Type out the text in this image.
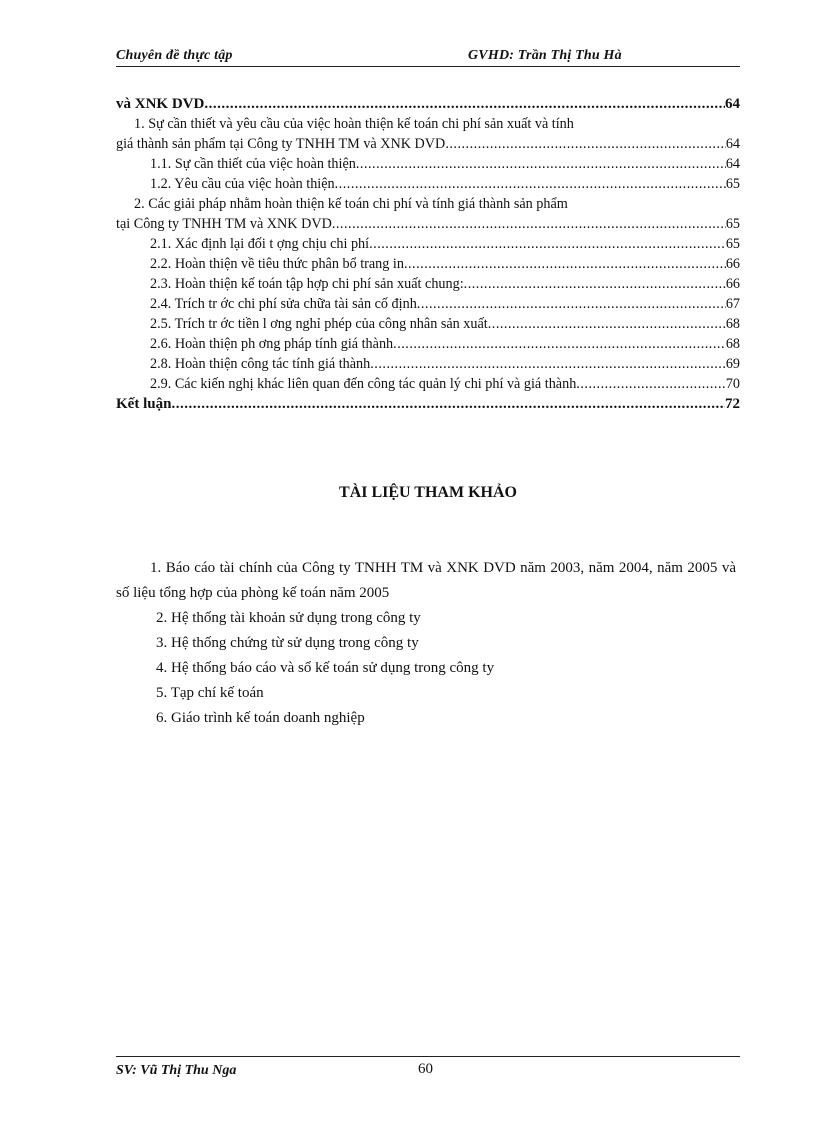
Chuyên đề thực tập	GVHD: Trần Thị Thu Hà
và XNK DVD .....	64
1. Sự cần thiết và yêu cầu của việc hoàn thiện kế toán chi phí sản xuất và tính
giá thành sản phẩm tại Công ty TNHH TM và XNK DVD .....	64
1.1. Sự cần thiết của việc hoàn thiện .....	64
1.2. Yêu cầu của việc hoàn thiện .....	65
2. Các giải pháp nhằm hoàn thiện kế toán chi phí và tính giá thành sản phẩm
tại Công ty TNHH TM và XNK DVD .....	65
2.1. Xác định lại đối t ợng chịu chi phí .....	65
2.2. Hoàn thiện về tiêu thức phân bổ trang in .....	66
2.3. Hoàn thiện kế toán tập hợp chi phí sản xuất chung: .....	66
2.4. Trích tr ớc chi phí sửa chữa tài sản cố định .....	67
2.5. Trích tr ớc tiền l ơng nghỉ phép của công nhân sản xuất .....	68
2.6. Hoàn thiện ph ơng pháp tính giá thành .....	68
2.8. Hoàn thiện công tác tính giá thành .....	69
2.9. Các kiến nghị khác liên quan đến công tác quản lý chi phí và giá thành .....	70
Kết luận .....	72
TÀI LIỆU THAM KHẢO
1. Báo cáo tài chính của Công ty TNHH TM và XNK DVD năm 2003, năm 2004, năm 2005 và số liệu tổng hợp của phòng kế toán năm 2005
2. Hệ thống tài khoản sử dụng trong công ty
3. Hệ thống chứng từ sử dụng trong công ty
4. Hệ thống báo cáo và sổ kế toán sử dụng trong công ty
5. Tạp chí kế toán
6. Giáo trình kế toán doanh nghiệp
SV: Vũ Thị Thu Nga	60
